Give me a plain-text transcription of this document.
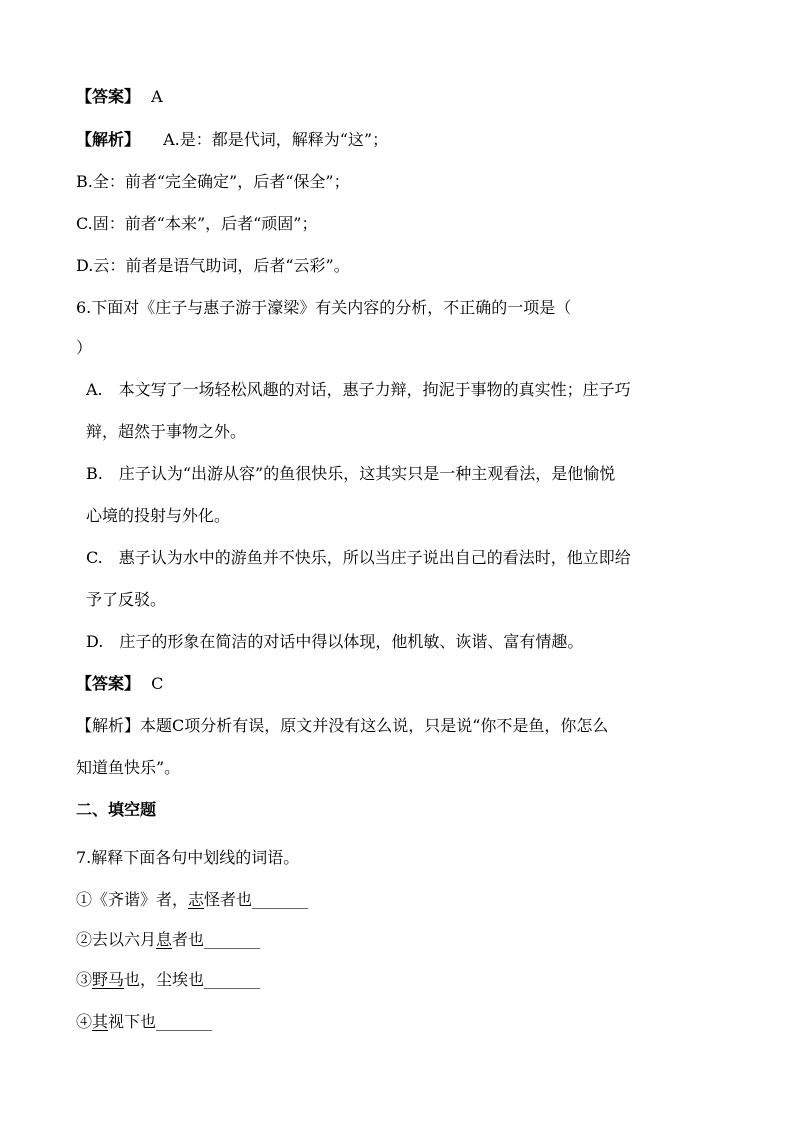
【答案】 A
【解析】 A.是：都是代词，解释为“这”；
B.全：前者“完全确定”，后者“保全”；
C.固：前者“本来”，后者“顽固”；
D.云：前者是语气助词，后者“云彩”。
6.下面对《庄子与惠子游于濠梁》有关内容的分析，不正确的一项是（
）
A.　本文写了一场轻松风趣的对话，惠子力辩，拘泥于事物的真实性；庄子巧
辩，超然于事物之外。
B.　庄子认为“出游从容”的鱼很快乐，这其实只是一种主观看法，是他愉悦
心境的投射与外化。
C.　惠子认为水中的游鱼并不快乐，所以当庄子说出自己的看法时，他立即给
予了反驳。
D.　庄子的形象在简洁的对话中得以体现，他机敏、诙谐、富有情趣。
【答案】 C
【解析】本题C项分析有误，原文并没有这么说，只是说“你不是鱼，你怎么
知道鱼快乐”。
二、填空题
7.解释下面各句中划线的词语。
①《齐谐》者，志怪者也_______
②去以六月息者也_______
③野马也，尘埃也_______
④其视下也_______
